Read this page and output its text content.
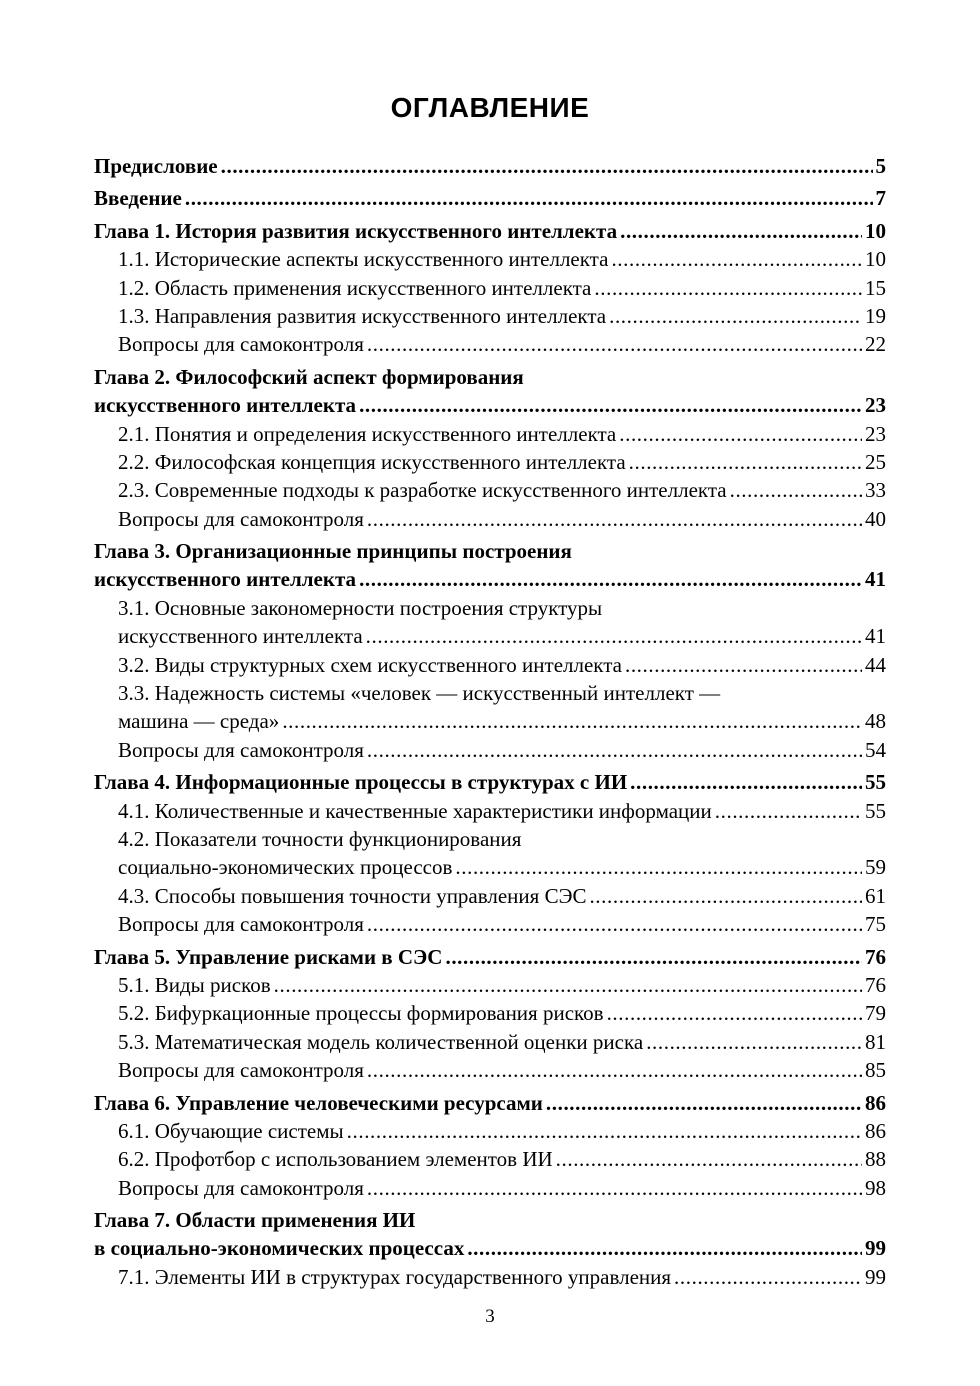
ОГЛАВЛЕНИЕ
Предисловие .....	5
Введение .....	7
Глава 1. История развития искусственного интеллекта .....	10
1.1. Исторические аспекты искусственного интеллекта .....	10
1.2. Область применения искусственного интеллекта .....	15
1.3. Направления развития искусственного интеллекта .....	19
Вопросы для самоконтроля .....	22
Глава 2. Философский аспект формирования
искусственного интеллекта .....	23
2.1. Понятия и определения искусственного интеллекта .....	23
2.2. Философская концепция искусственного интеллекта .....	25
2.3. Современные подходы к разработке искусственного интеллекта .....	33
Вопросы для самоконтроля .....	40
Глава 3. Организационные принципы построения
искусственного интеллекта .....	41
3.1. Основные закономерности построения структуры
искусственного интеллекта .....	41
3.2. Виды структурных схем искусственного интеллекта .....	44
3.3. Надежность системы «человек — искусственный интеллект —
машина — среда» .....	48
Вопросы для самоконтроля .....	54
Глава 4. Информационные процессы в структурах с ИИ .....	55
4.1. Количественные и качественные характеристики информации .....	55
4.2. Показатели точности функционирования
социально-экономических процессов .....	59
4.3. Способы повышения точности управления СЭС .....	61
Вопросы для самоконтроля .....	75
Глава 5. Управление рисками в СЭС .....	76
5.1. Виды рисков .....	76
5.2. Бифуркационные процессы формирования рисков .....	79
5.3. Математическая модель количественной оценки риска .....	81
Вопросы для самоконтроля .....	85
Глава 6. Управление человеческими ресурсами .....	86
6.1. Обучающие системы .....	86
6.2. Профотбор с использованием элементов ИИ .....	88
Вопросы для самоконтроля .....	98
Глава 7. Области применения ИИ
в социально-экономических процессах .....	99
7.1. Элементы ИИ в структурах государственного управления .....	99
3
